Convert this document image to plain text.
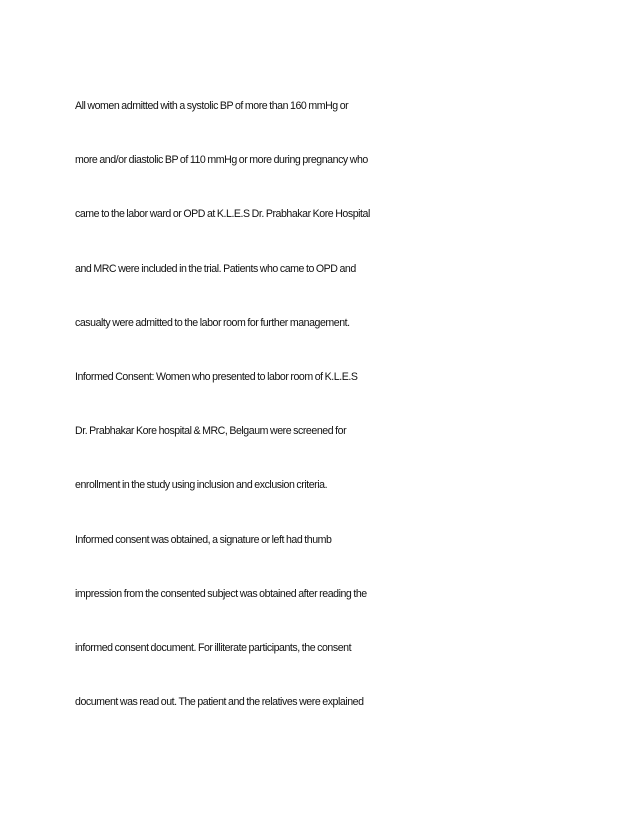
All women admitted with a systolic BP of more than 160 mmHg or
more and/or diastolic BP of 110 mmHg or more during pregnancy who
came to the labor ward or OPD at K.L.E.S Dr. Prabhakar Kore Hospital
and MRC were included in the trial. Patients who came to OPD and
casualty were admitted to the labor room for further management.
Informed Consent: Women who presented to labor room of K.L.E.S
Dr. Prabhakar Kore hospital & MRC, Belgaum were screened for
enrollment in the study using inclusion and exclusion criteria.
Informed consent was obtained, a signature or left had thumb
impression from the consented subject was obtained after reading the
informed consent document. For illiterate participants, the consent
document was read out. The patient and the relatives were explained
